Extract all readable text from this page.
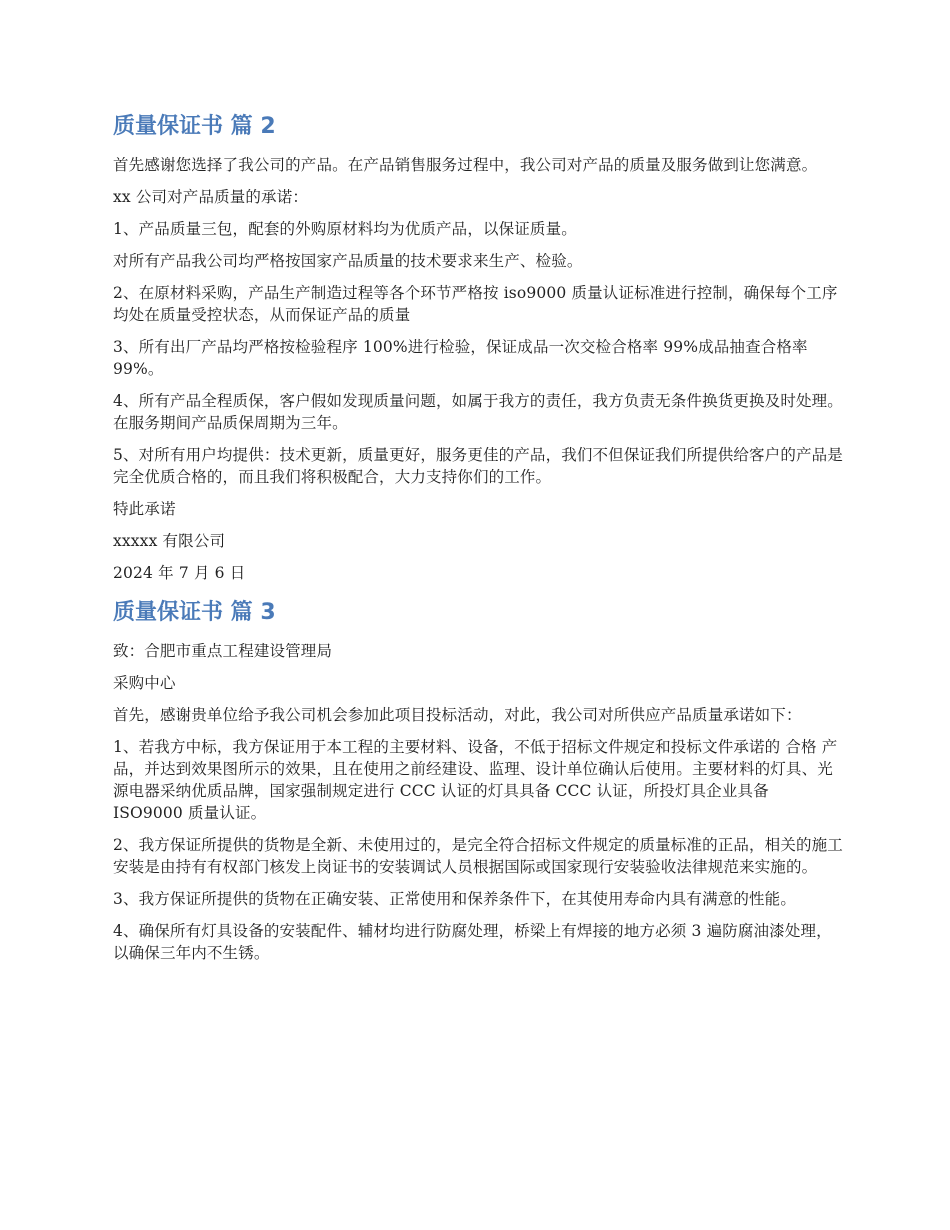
质量保证书 篇 2

首先感谢您选择了我公司的产品。在产品销售服务过程中，我公司对产品的质量及服务做到让您满意。

xx 公司对产品质量的承诺：

1、产品质量三包，配套的外购原材料均为优质产品，以保证质量。

对所有产品我公司均严格按国家产品质量的技术要求来生产、检验。

2、在原材料采购，产品生产制造过程等各个环节严格按 iso9000 质量认证标准进行控制，确保每个工序均处在质量受控状态，从而保证产品的质量

3、所有出厂产品均严格按检验程序 100%进行检验，保证成品一次交检合格率 99%成品抽查合格率 99%。

4、所有产品全程质保，客户假如发现质量问题，如属于我方的责任，我方负责无条件换货更换及时处理。在服务期间产品质保周期为三年。

5、对所有用户均提供：技术更新，质量更好，服务更佳的产品，我们不但保证我们所提供给客户的产品是完全优质合格的，而且我们将积极配合，大力支持你们的工作。

特此承诺

xxxxx 有限公司

2024 年 7 月 6 日

质量保证书 篇 3

致：合肥市重点工程建设管理局

采购中心

首先，感谢贵单位给予我公司机会参加此项目投标活动，对此，我公司对所供应产品质量承诺如下：

1、若我方中标，我方保证用于本工程的主要材料、设备，不低于招标文件规定和投标文件承诺的 合格 产品，并达到效果图所示的效果，且在使用之前经建设、监理、设计单位确认后使用。主要材料的灯具、光源电器采纳优质品牌，国家强制规定进行 CCC 认证的灯具具备 CCC 认证，所投灯具企业具备 ISO9000 质量认证。

2、我方保证所提供的货物是全新、未使用过的，是完全符合招标文件规定的质量标准的正品，相关的施工安装是由持有有权部门核发上岗证书的安装调试人员根据国际或国家现行安装验收法律规范来实施的。

3、我方保证所提供的货物在正确安装、正常使用和保养条件下，在其使用寿命内具有满意的性能。

4、确保所有灯具设备的安装配件、辅材均进行防腐处理，桥梁上有焊接的地方必须 3 遍防腐油漆处理，以确保三年内不生锈。
